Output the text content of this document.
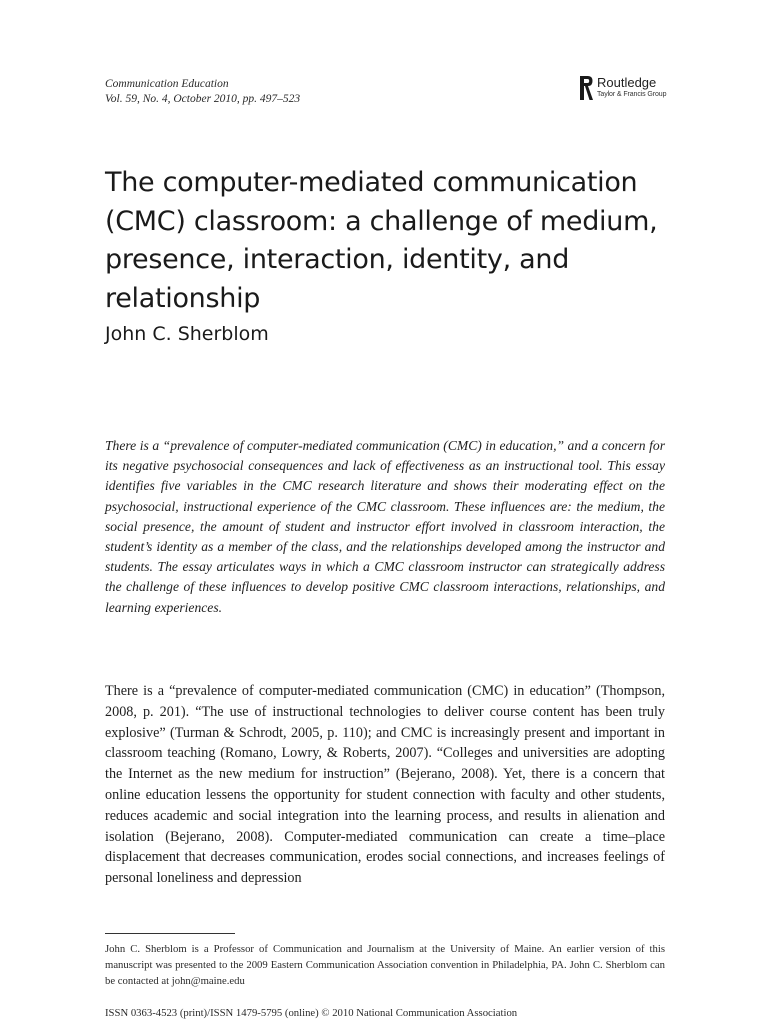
Communication Education
Vol. 59, No. 4, October 2010, pp. 497–523
Routledge
Taylor & Francis Group
The computer-mediated communication (CMC) classroom: a challenge of medium, presence, interaction, identity, and relationship
John C. Sherblom

There is a “prevalence of computer-mediated communication (CMC) in education,” and a concern for its negative psychosocial consequences and lack of effectiveness as an instructional tool. This essay identifies five variables in the CMC research literature and shows their moderating effect on the psychosocial, instructional experience of the CMC classroom. These influences are: the medium, the social presence, the amount of student and instructor effort involved in classroom interaction, the student’s identity as a member of the class, and the relationships developed among the instructor and students. The essay articulates ways in which a CMC classroom instructor can strategically address the challenge of these influences to develop positive CMC classroom interactions, relationships, and learning experiences.

There is a “prevalence of computer-mediated communication (CMC) in education” (Thompson, 2008, p. 201). “The use of instructional technologies to deliver course content has been truly explosive” (Turman & Schrodt, 2005, p. 110); and CMC is increasingly present and important in classroom teaching (Romano, Lowry, & Roberts, 2007). “Colleges and universities are adopting the Internet as the new medium for instruction” (Bejerano, 2008). Yet, there is a concern that online education lessens the opportunity for student connection with faculty and other students, reduces academic and social integration into the learning process, and results in alienation and isolation (Bejerano, 2008). Computer-mediated communication can create a time–place displacement that decreases communication, erodes social connections, and increases feelings of personal loneliness and depression

John C. Sherblom is a Professor of Communication and Journalism at the University of Maine. An earlier version of this manuscript was presented to the 2009 Eastern Communication Association convention in Philadelphia, PA. John C. Sherblom can be contacted at john@maine.edu

ISSN 0363-4523 (print)/ISSN 1479-5795 (online) © 2010 National Communication Association
